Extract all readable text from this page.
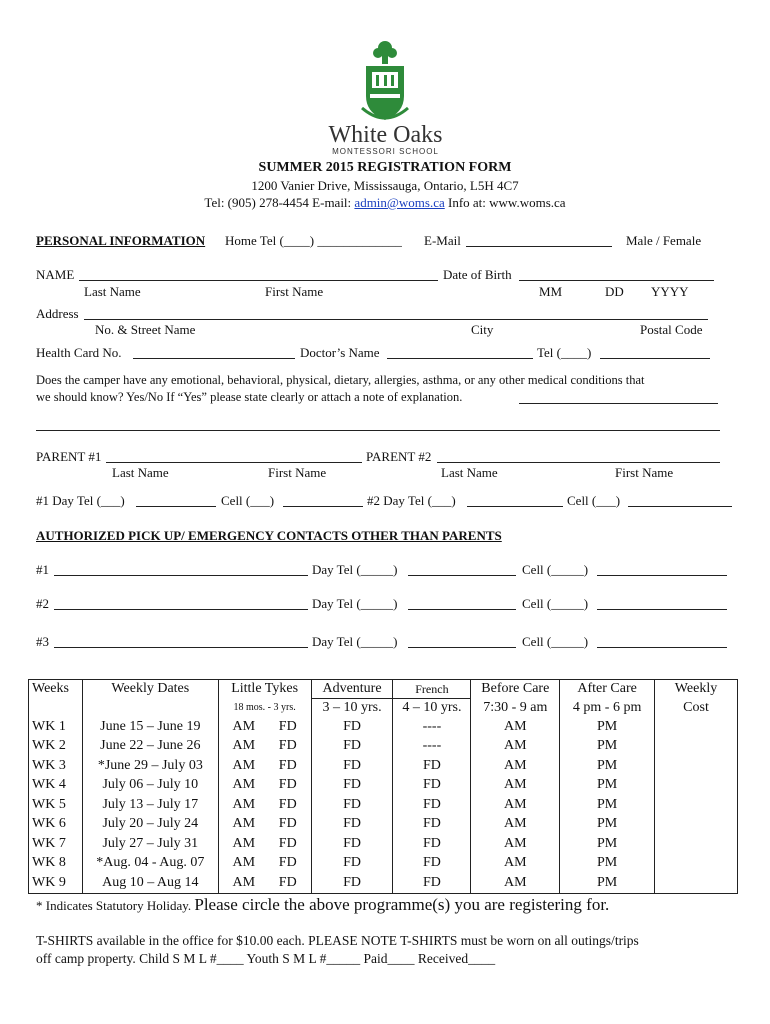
White Oaks
MONTESSORI SCHOOL
SUMMER 2015 REGISTRATION FORM
1200 Vanier Drive, Mississauga, Ontario, L5H 4C7
Tel: (905) 278-4454 E-mail: admin@woms.ca Info at: www.woms.ca
PERSONAL INFORMATION Home Tel (____) _____________ E-Mail	Male / Female
NAME	Date of Birth
Last Name	First Name	MM	DD YYYY
Address
No. & Street Name	City	Postal Code
Health Card No.	Doctor’s Name	Tel (____)
Does the camper have any emotional, behavioral, physical, dietary, allergies, asthma, or any other medical conditions that
we should know? Yes/No If “Yes” please state clearly or attach a note of explanation.
PARENT #1	PARENT #2
Last Name	First Name	Last Name	First Name
#1 Day Tel (___)	Cell (___)	#2 Day Tel (___)	Cell (___)
AUTHORIZED PICK UP/ EMERGENCY CONTACTS OTHER THAN PARENTS
#1	Day Tel (_____)	Cell (_____)
#2	Day Tel (_____)	Cell (_____)
#3	Day Tel (_____)	Cell (_____)
Weeks	Weekly Dates	Little Tykes	Adventure	French	Before Care	After Care	Weekly
		18 mos. - 3 yrs.	3 – 10 yrs.	4 – 10 yrs.	7:30 - 9 am	4 pm - 6 pm	Cost
WK 1	June 15 – June 19	AM FD	FD	----	AM	PM	
WK 2	June 22 – June 26	AM FD	FD	----	AM	PM	
WK 3	*June 29 – July 03	AM FD	FD	FD	AM	PM	
WK 4	July 06 – July 10	AM FD	FD	FD	AM	PM	
WK 5	July 13 – July 17	AM FD	FD	FD	AM	PM	
WK 6	July 20 – July 24	AM FD	FD	FD	AM	PM	
WK 7	July 27 – July 31	AM FD	FD	FD	AM	PM	
WK 8	*Aug. 04 - Aug. 07	AM FD	FD	FD	AM	PM	
WK 9	Aug 10 – Aug 14	AM FD	FD	FD	AM	PM	
* Indicates Statutory Holiday. Please circle the above programme(s) you are registering for.
T-SHIRTS available in the office for $10.00 each. PLEASE NOTE T-SHIRTS must be worn on all outings/trips
off camp property. Child S M L #____ Youth S M L #_____ Paid____ Received____
